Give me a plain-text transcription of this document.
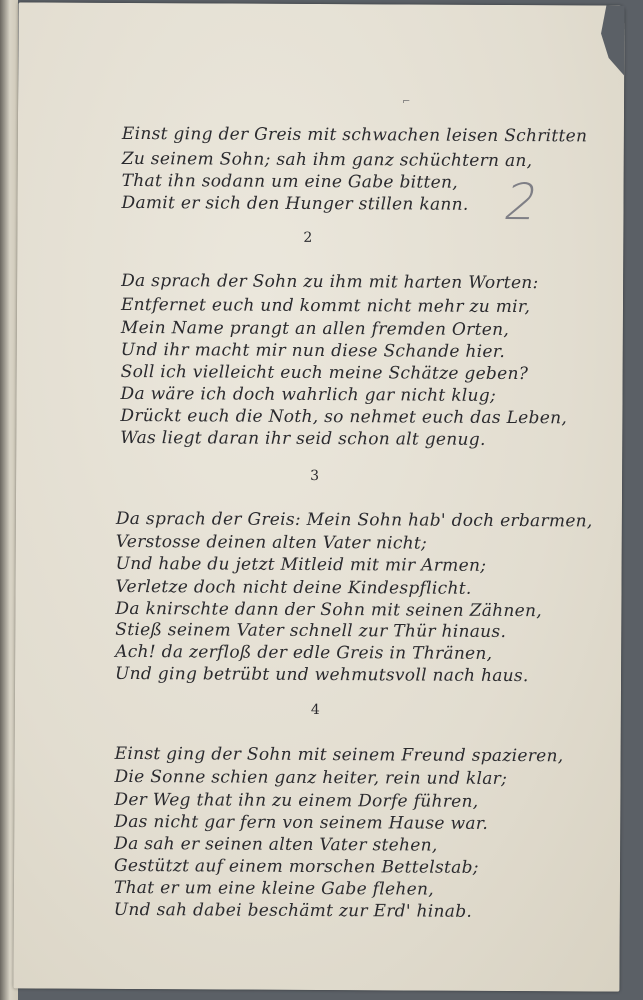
⌐
2
Einst ging der Greis mit schwachen leisen Schritten
Zu seinem Sohn; sah ihm ganz schüchtern an,
That ihn sodann um eine Gabe bitten,
Damit er sich den Hunger stillen kann.
2
Da sprach der Sohn zu ihm mit harten Worten:
Entfernet euch und kommt nicht mehr zu mir,
Mein Name prangt an allen fremden Orten,
Und ihr macht mir nun diese Schande hier.
Soll ich vielleicht euch meine Schätze geben?
Da wäre ich doch wahrlich gar nicht klug;
Drückt euch die Noth, so nehmet euch das Leben,
Was liegt daran ihr seid schon alt genug.
3
Da sprach der Greis: Mein Sohn hab' doch erbarmen,
Verstosse deinen alten Vater nicht;
Und habe du jetzt Mitleid mit mir Armen;
Verletze doch nicht deine Kindespflicht.
Da knirschte dann der Sohn mit seinen Zähnen,
Stieß seinem Vater schnell zur Thür hinaus.
Ach! da zerfloß der edle Greis in Thränen,
Und ging betrübt und wehmutsvoll nach haus.
4
Einst ging der Sohn mit seinem Freund spazieren,
Die Sonne schien ganz heiter, rein und klar;
Der Weg that ihn zu einem Dorfe führen,
Das nicht gar fern von seinem Hause war.
Da sah er seinen alten Vater stehen,
Gestützt auf einem morschen Bettelstab;
That er um eine kleine Gabe flehen,
Und sah dabei beschämt zur Erd' hinab.
